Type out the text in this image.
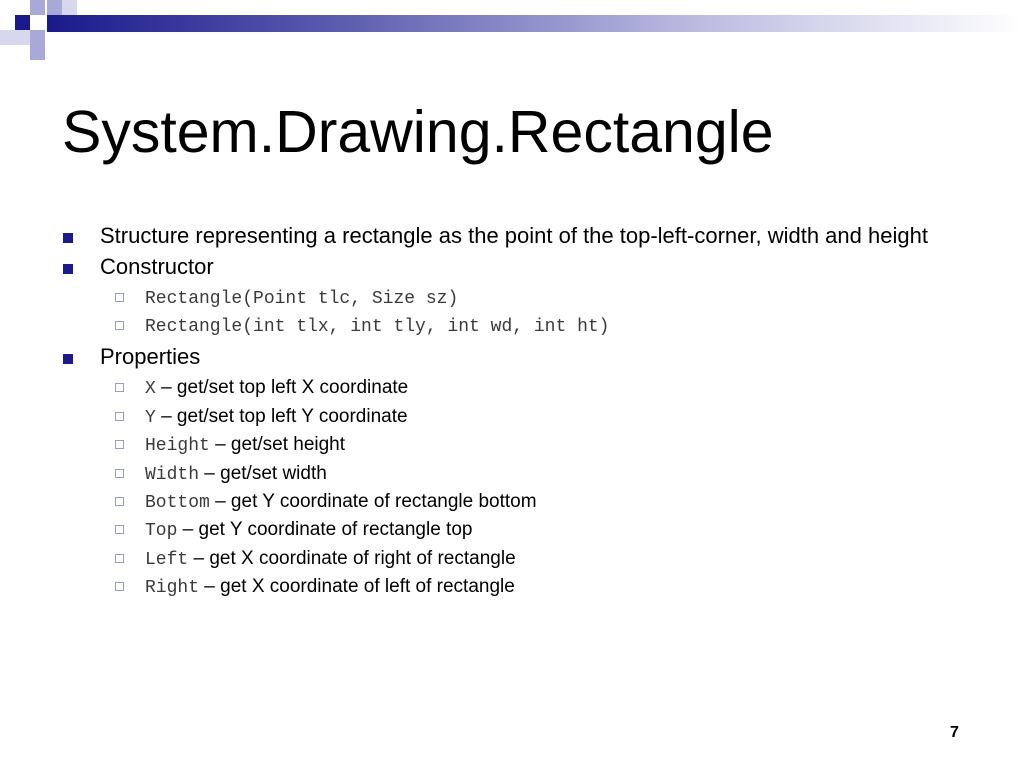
System.Drawing.Rectangle
Structure representing a rectangle as the point of the top-left-corner, width and height
Constructor
Rectangle(Point tlc, Size sz)
Rectangle(int tlx, int tly, int wd, int ht)
Properties
X – get/set top left X coordinate
Y – get/set top left Y coordinate
Height – get/set height
Width – get/set width
Bottom – get Y coordinate of rectangle bottom
Top – get Y coordinate of rectangle top
Left – get X coordinate of right of rectangle
Right – get X coordinate of left of rectangle
7
